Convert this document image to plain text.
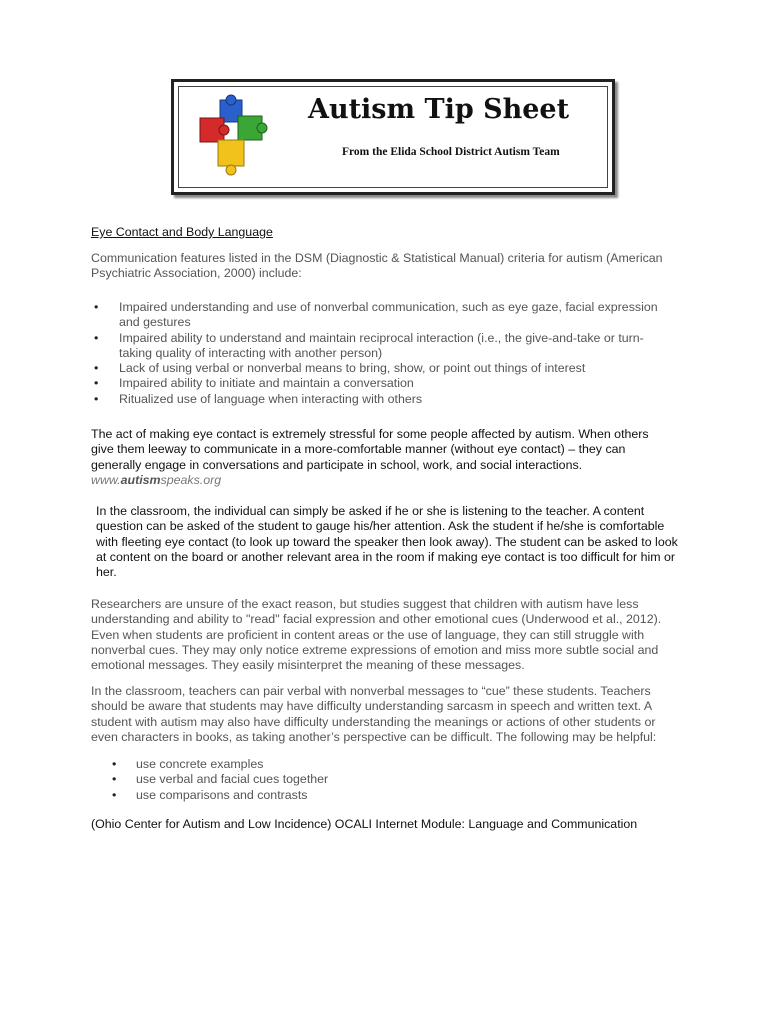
Autism Tip Sheet
From the Elida School District Autism Team
Eye Contact and Body Language
Communication features listed in the DSM (Diagnostic & Statistical Manual) criteria for autism (American Psychiatric Association, 2000) include:
• Impaired understanding and use of nonverbal communication, such as eye gaze, facial expression and gestures
• Impaired ability to understand and maintain reciprocal interaction (i.e., the give-and-take or turn-taking quality of interacting with another person)
• Lack of using verbal or nonverbal means to bring, show, or point out things of interest
• Impaired ability to initiate and maintain a conversation
• Ritualized use of language when interacting with others
The act of making eye contact is extremely stressful for some people affected by autism. When others give them leeway to communicate in a more-comfortable manner (without eye contact) – they can generally engage in conversations and participate in school, work, and social interactions.
www.autismspeaks.org
In the classroom, the individual can simply be asked if he or she is listening to the teacher. A content question can be asked of the student to gauge his/her attention. Ask the student if he/she is comfortable with fleeting eye contact (to look up toward the speaker then look away). The student can be asked to look at content on the board or another relevant area in the room if making eye contact is too difficult for him or her.
Researchers are unsure of the exact reason, but studies suggest that children with autism have less understanding and ability to "read" facial expression and other emotional cues (Underwood et al., 2012). Even when students are proficient in content areas or the use of language, they can still struggle with nonverbal cues. They may only notice extreme expressions of emotion and miss more subtle social and emotional messages. They easily misinterpret the meaning of these messages.
In the classroom, teachers can pair verbal with nonverbal messages to “cue” these students. Teachers should be aware that students may have difficulty understanding sarcasm in speech and written text. A student with autism may also have difficulty understanding the meanings or actions of other students or even characters in books, as taking another’s perspective can be difficult. The following may be helpful:
• use concrete examples
• use verbal and facial cues together
• use comparisons and contrasts
(Ohio Center for Autism and Low Incidence) OCALI Internet Module: Language and Communication
